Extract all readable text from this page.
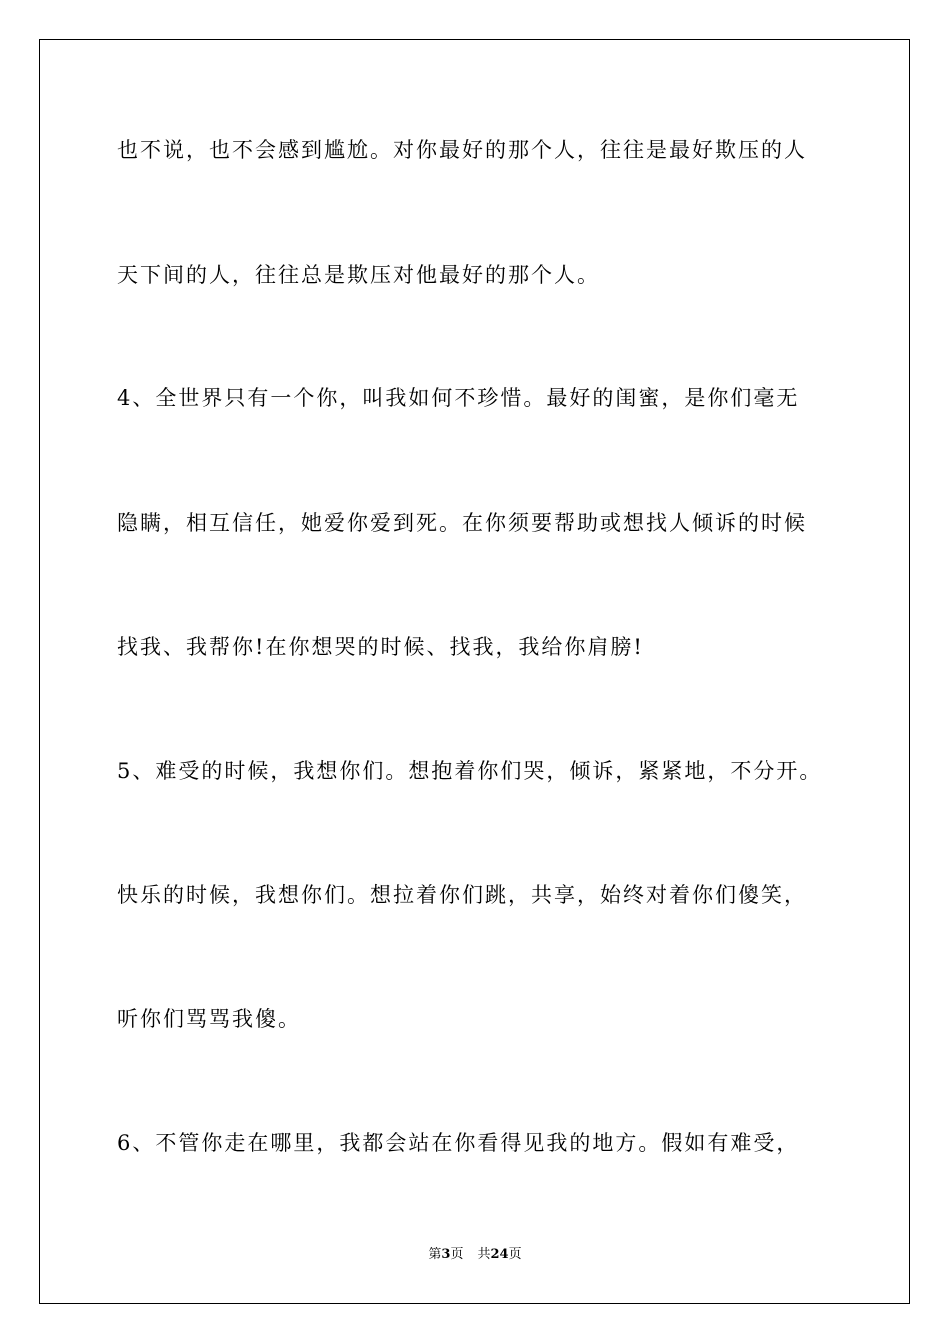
也不说，也不会感到尴尬。对你最好的那个人，往往是最好欺压的人
天下间的人，往往总是欺压对他最好的那个人。
4、全世界只有一个你，叫我如何不珍惜。最好的闺蜜，是你们毫无
隐瞒，相互信任，她爱你爱到死。在你须要帮助或想找人倾诉的时候
找我、我帮你!在你想哭的时候、找我，我给你肩膀!
5、难受的时候，我想你们。想抱着你们哭，倾诉，紧紧地，不分开。
快乐的时候，我想你们。想拉着你们跳，共享，始终对着你们傻笑，
听你们骂骂我傻。
6、不管你走在哪里，我都会站在你看得见我的地方。假如有难受，
第3页 共24页
